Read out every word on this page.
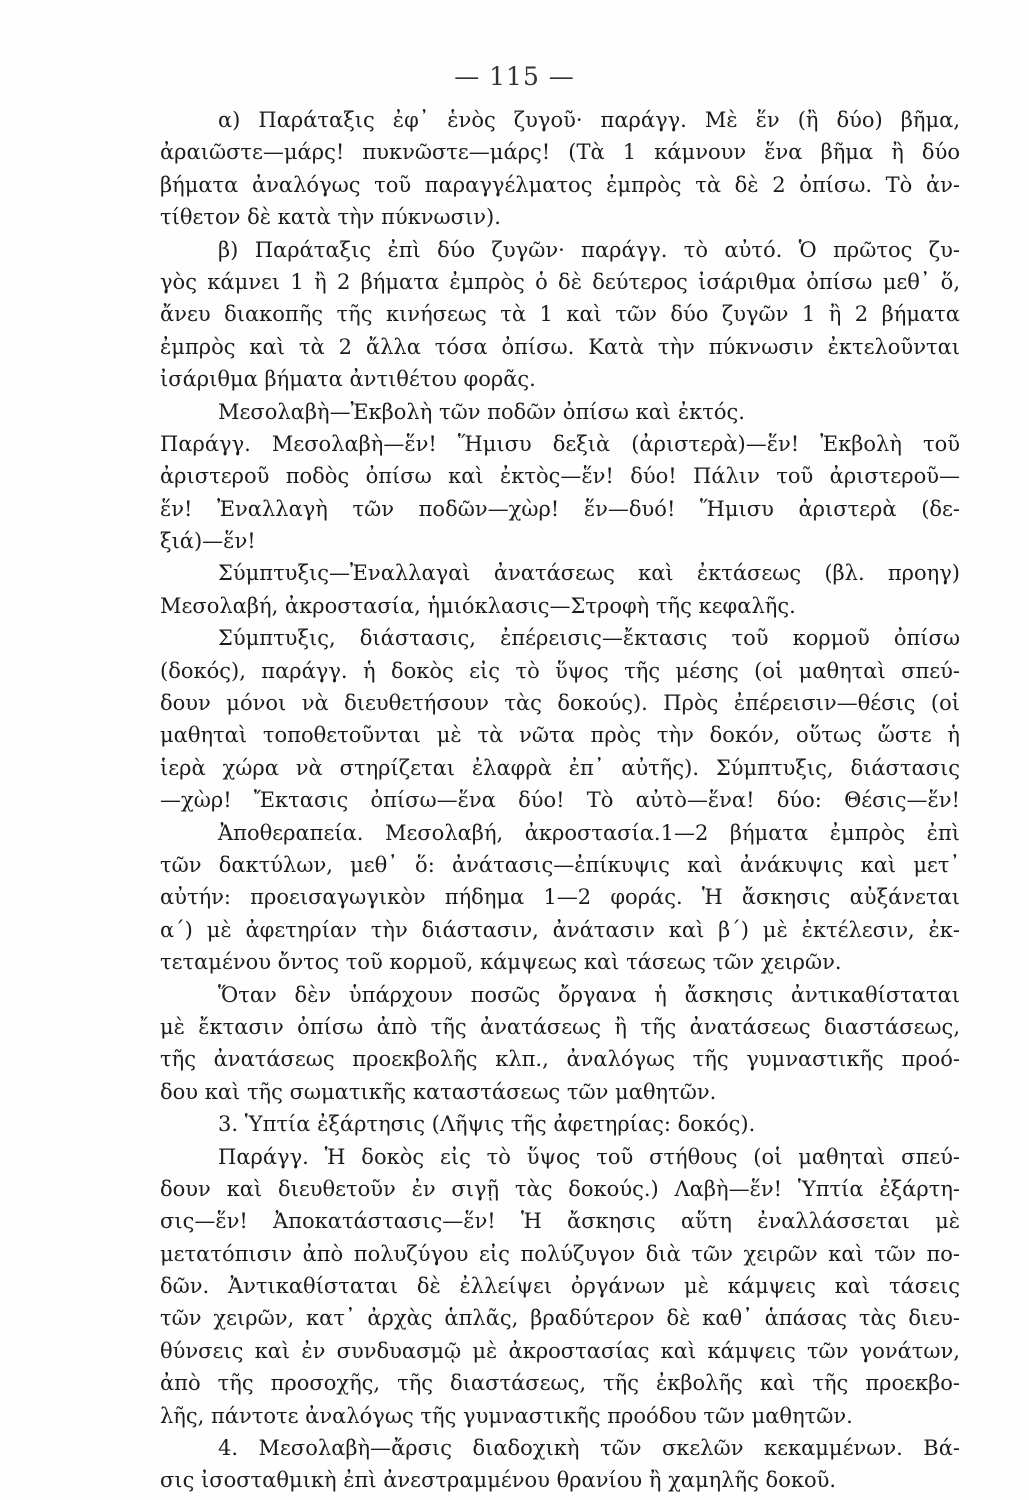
— 115 —
α) Παράταξις ἐφ᾽ ἑνὸς ζυγοῦ· παράγγ. Μὲ ἕν (ἢ δύο) βῆμα,
ἀραιῶστε—μάρς! πυκνῶστε—μάρς! (Τὰ 1 κάμνουν ἕνα βῆμα ἢ δύο
βήματα ἀναλόγως τοῦ παραγγέλματος ἐμπρὸς τὰ δὲ 2 ὀπίσω. Τὸ ἀν-
τίθετον δὲ κατὰ τὴν πύκνωσιν).
β) Παράταξις ἐπὶ δύο ζυγῶν· παράγγ. τὸ αὐτό. Ὁ πρῶτος ζυ-
γὸς κάμνει 1 ἢ 2 βήματα ἐμπρὸς ὁ δὲ δεύτερος ἰσάριθμα ὀπίσω μεθ᾽ ὅ,
ἄνευ διακοπῆς τῆς κινήσεως τὰ 1 καὶ τῶν δύο ζυγῶν 1 ἢ 2 βήματα
ἐμπρὸς καὶ τὰ 2 ἄλλα τόσα ὀπίσω. Κατὰ τὴν πύκνωσιν ἐκτελοῦνται
ἰσάριθμα βήματα ἀντιθέτου φορᾶς.
Μεσολαβὴ—Ἐκβολὴ τῶν ποδῶν ὀπίσω καὶ ἐκτός.
Παράγγ. Μεσολαβὴ—ἕν! Ἥμισυ δεξιὰ (ἀριστερὰ)—ἕν! Ἐκβολὴ τοῦ
ἀριστεροῦ ποδὸς ὀπίσω καὶ ἐκτὸς—ἕν! δύο! Πάλιν τοῦ ἀριστεροῦ—
ἕν! Ἐναλλαγὴ τῶν ποδῶν—χὼρ! ἕν—δυό! Ἥμισυ ἀριστερὰ (δε-
ξιά)—ἕν!
Σύμπτυξις—Ἐναλλαγαὶ ἀνατάσεως καὶ ἐκτάσεως (βλ. προηγ)
Μεσολαβή, ἀκροστασία, ἡμιόκλασις—Στροφὴ τῆς κεφαλῆς.
Σύμπτυξις, διάστασις, ἐπέρεισις—ἔκτασις τοῦ κορμοῦ ὀπίσω
(δοκός), παράγγ. ἡ δοκὸς εἰς τὸ ὕψος τῆς μέσης (οἱ μαθηταὶ σπεύ-
δουν μόνοι νὰ διευθετήσουν τὰς δοκούς). Πρὸς ἐπέρεισιν—θέσις (οἱ
μαθηταὶ τοποθετοῦνται μὲ τὰ νῶτα πρὸς τὴν δοκόν, οὕτως ὥστε ἡ
ἱερὰ χώρα νὰ στηρίζεται ἐλαφρὰ ἐπ᾽ αὐτῆς). Σύμπτυξις, διάστασις
—χὼρ! Ἔκτασις ὀπίσω—ἕνα δύο! Τὸ αὐτὸ—ἕνα! δύο: Θέσις—ἕν!
Ἀποθεραπεία. Μεσολαβή, ἀκροστασία.1—2 βήματα ἐμπρὸς ἐπὶ
τῶν δακτύλων, μεθ᾽ ὅ: ἀνάτασις—ἐπίκυψις καὶ ἀνάκυψις καὶ μετ᾽
αὐτήν: προεισαγωγικὸν πήδημα 1—2 φοράς. Ἡ ἄσκησις αὐξάνεται
α΄) μὲ ἀφετηρίαν τὴν διάστασιν, ἀνάτασιν καὶ β΄) μὲ ἐκτέλεσιν, ἐκ-
τεταμένου ὄντος τοῦ κορμοῦ, κάμψεως καὶ τάσεως τῶν χειρῶν.
Ὅταν δὲν ὑπάρχουν ποσῶς ὄργανα ἡ ἄσκησις ἀντικαθίσταται
μὲ ἔκτασιν ὀπίσω ἀπὸ τῆς ἀνατάσεως ἢ τῆς ἀνατάσεως διαστάσεως,
τῆς ἀνατάσεως προεκβολῆς κλπ., ἀναλόγως τῆς γυμναστικῆς προό-
δου καὶ τῆς σωματικῆς καταστάσεως τῶν μαθητῶν.
3. Ὑπτία ἐξάρτησις (Λῆψις τῆς ἀφετηρίας: δοκός).
Παράγγ. Ἡ δοκὸς εἰς τὸ ὕψος τοῦ στήθους (οἱ μαθηταὶ σπεύ-
δουν καὶ διευθετοῦν ἐν σιγῇ τὰς δοκούς.) Λαβὴ—ἕν! Ὑπτία ἐξάρτη-
σις—ἕν! Ἀποκατάστασις—ἕν! Ἡ ἄσκησις αὕτη ἐναλλάσσεται μὲ
μετατόπισιν ἀπὸ πολυζύγου εἰς πολύζυγον διὰ τῶν χειρῶν καὶ τῶν πο-
δῶν. Ἀντικαθίσταται δὲ ἐλλείψει ὀργάνων μὲ κάμψεις καὶ τάσεις
τῶν χειρῶν, κατ᾽ ἀρχὰς ἁπλᾶς, βραδύτερον δὲ καθ᾽ ἁπάσας τὰς διευ-
θύνσεις καὶ ἐν συνδυασμῷ μὲ ἀκροστασίας καὶ κάμψεις τῶν γονάτων,
ἀπὸ τῆς προσοχῆς, τῆς διαστάσεως, τῆς ἐκβολῆς καὶ τῆς προεκβο-
λῆς, πάντοτε ἀναλόγως τῆς γυμναστικῆς προόδου τῶν μαθητῶν.
4. Μεσολαβὴ—ἄρσις διαδοχικὴ τῶν σκελῶν κεκαμμένων. Βά-
σις ἰσοσταθμικὴ ἐπὶ ἀνεστραμμένου θρανίου ἢ χαμηλῆς δοκοῦ.
